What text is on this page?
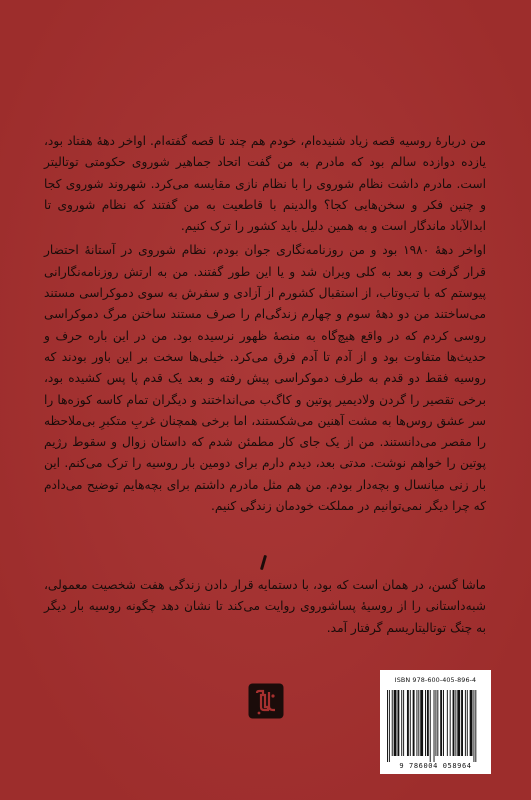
من دربارهٔ روسیه قصه زیاد شنیده‌ام، خودم هم چند تا قصه گفته‌ام. اواخر دههٔ هفتاد بود، یازده دوازده سالم بود که مادرم به من گفت اتحاد جماهیر شوروی حکومتی توتالیتر است. مادرم داشت نظام شوروی را با نظام نازی مقایسه می‌کرد. شهروند شوروی کجا و چنین فکر و سخن‌هایی کجا؟ والدینم با قاطعیت به من گفتند که نظام شوروی تا ابدالآباد ماندگار است و به همین دلیل باید کشور را ترک کنیم.

اواخر دههٔ ۱۹۸۰ بود و من روزنامه‌نگاری جوان بودم، نظام شوروی در آستانهٔ احتضار قرار گرفت و بعد به کلی ویران شد و یا این طور گفتند. من به ارتش روزنامه‌نگارانی پیوستم که با تب‌وتاب، از استقبال کشورم از آزادی و سفرش به سوی دموکراسی مستند می‌ساختند من دو دههٔ سوم و چهارم زندگی‌ام را صرف مستند ساختن مرگ دموکراسی روسی کردم که در واقع هیچ‌گاه به منصهٔ ظهور نرسیده بود. من در این باره حرف و حدیث‌ها متفاوت بود و از آدم تا آدم فرق می‌کرد. خیلی‌ها سخت بر این باور بودند که روسیه فقط دو قدم به طرف دموکراسی پیش رفته و بعد یک قدم پا پس کشیده بود، برخی تقصیر را گردن ولادیمیر پوتین و کاگ‌ب می‌انداختند و دیگران تمام کاسه کوزه‌ها را سر عشق روس‌ها به مشت آهنین می‌شکستند، اما برخی همچنان غربِ متکبرِ بی‌ملاحظه را مقصر می‌دانستند. من از یک جای کار مطمئن شدم که داستان زوال و سقوط رژیم پوتین را خواهم نوشت. مدتی بعد، دیدم دارم برای دومین بار روسیه را ترک می‌کنم. این بار زنی میانسال و بچه‌دار بودم. من هم مثل مادرم داشتم برای بچه‌هایم توضیح می‌دادم که چرا دیگر نمی‌توانیم در مملکت خودمان زندگی کنیم.

ماشا گسن، در همان است که بود، با دستمایه قرار دادن زندگی هفت شخصیت معمولی، شبه‌داستانی را از روسیهٔ پساشوروی روایت می‌کند تا نشان دهد چگونه روسیه بار دیگر به چنگ توتالیتاریسم گرفتار آمد.

ISBN 978-600-405-896-4
9 786004 058964
